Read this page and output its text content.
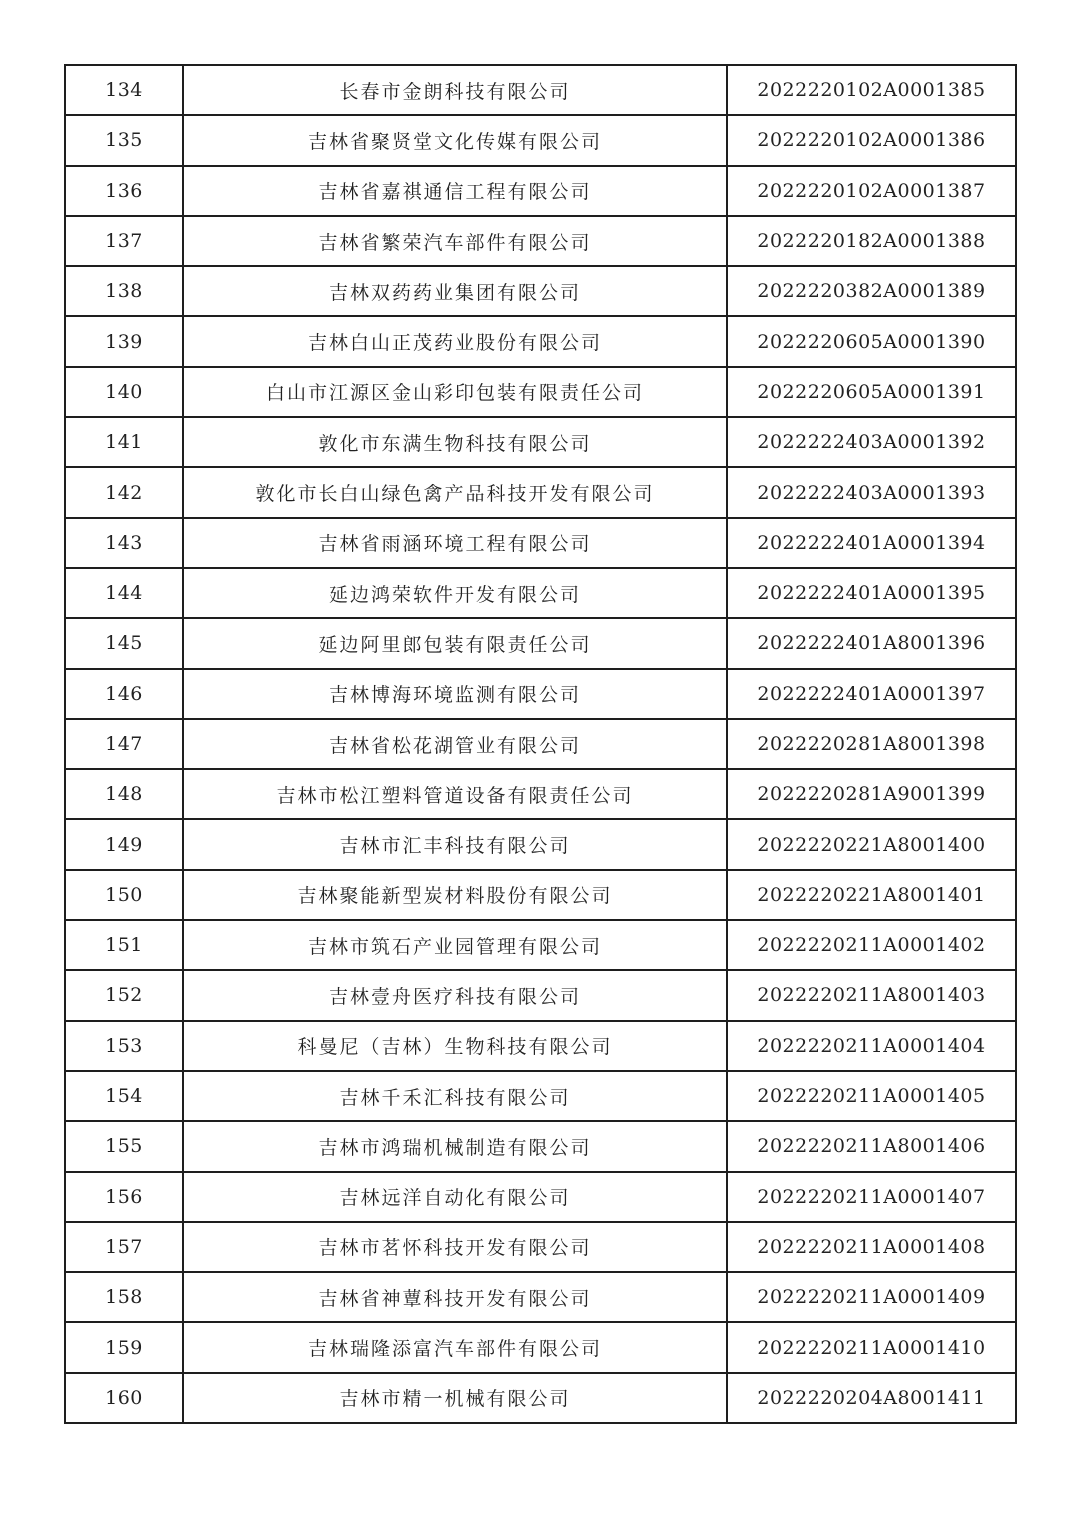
134	长春市金朗科技有限公司	2022220102A0001385
135	吉林省聚贤堂文化传媒有限公司	2022220102A0001386
136	吉林省嘉祺通信工程有限公司	2022220102A0001387
137	吉林省繁荣汽车部件有限公司	2022220182A0001388
138	吉林双药药业集团有限公司	2022220382A0001389
139	吉林白山正茂药业股份有限公司	2022220605A0001390
140	白山市江源区金山彩印包装有限责任公司	2022220605A0001391
141	敦化市东满生物科技有限公司	2022222403A0001392
142	敦化市长白山绿色禽产品科技开发有限公司	2022222403A0001393
143	吉林省雨涵环境工程有限公司	2022222401A0001394
144	延边鸿荣软件开发有限公司	2022222401A0001395
145	延边阿里郎包装有限责任公司	2022222401A8001396
146	吉林博海环境监测有限公司	2022222401A0001397
147	吉林省松花湖管业有限公司	2022220281A8001398
148	吉林市松江塑料管道设备有限责任公司	2022220281A9001399
149	吉林市汇丰科技有限公司	2022220221A8001400
150	吉林聚能新型炭材料股份有限公司	2022220221A8001401
151	吉林市筑石产业园管理有限公司	2022220211A0001402
152	吉林壹舟医疗科技有限公司	2022220211A8001403
153	科曼尼（吉林）生物科技有限公司	2022220211A0001404
154	吉林千禾汇科技有限公司	2022220211A0001405
155	吉林市鸿瑞机械制造有限公司	2022220211A8001406
156	吉林远洋自动化有限公司	2022220211A0001407
157	吉林市茗怀科技开发有限公司	2022220211A0001408
158	吉林省神蕈科技开发有限公司	2022220211A0001409
159	吉林瑞隆添富汽车部件有限公司	2022220211A0001410
160	吉林市精一机械有限公司	2022220204A8001411
